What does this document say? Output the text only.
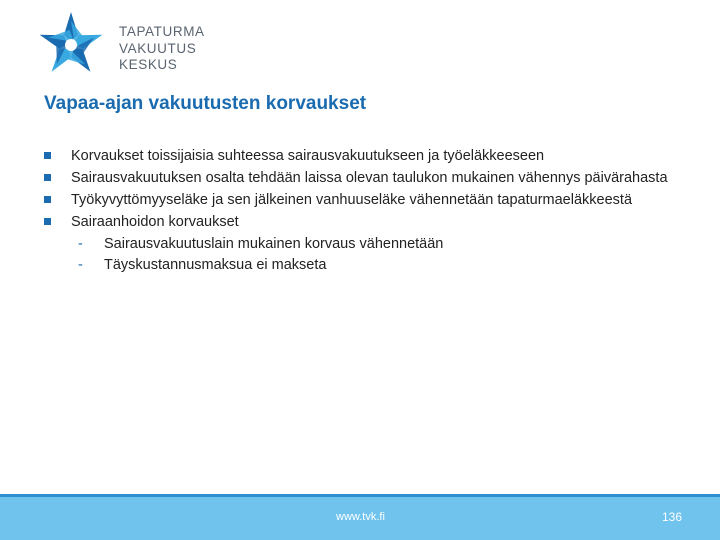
TAPATURMA
VAKUUTUS
KESKUS
Vapaa-ajan vakuutusten korvaukset
Korvaukset toissijaisia suhteessa sairausvakuutukseen ja työeläkkeeseen
Sairausvakuutuksen osalta tehdään laissa olevan taulukon mukainen vähennys päivärahasta
Työkyvyttömyyseläke ja sen jälkeinen vanhuuseläke vähennetään tapaturmaeläkkeestä
Sairaanhoidon korvaukset
- Sairausvakuutuslain mukainen korvaus vähennetään
- Täyskustannusmaksua ei makseta
www.tvk.fi	136
